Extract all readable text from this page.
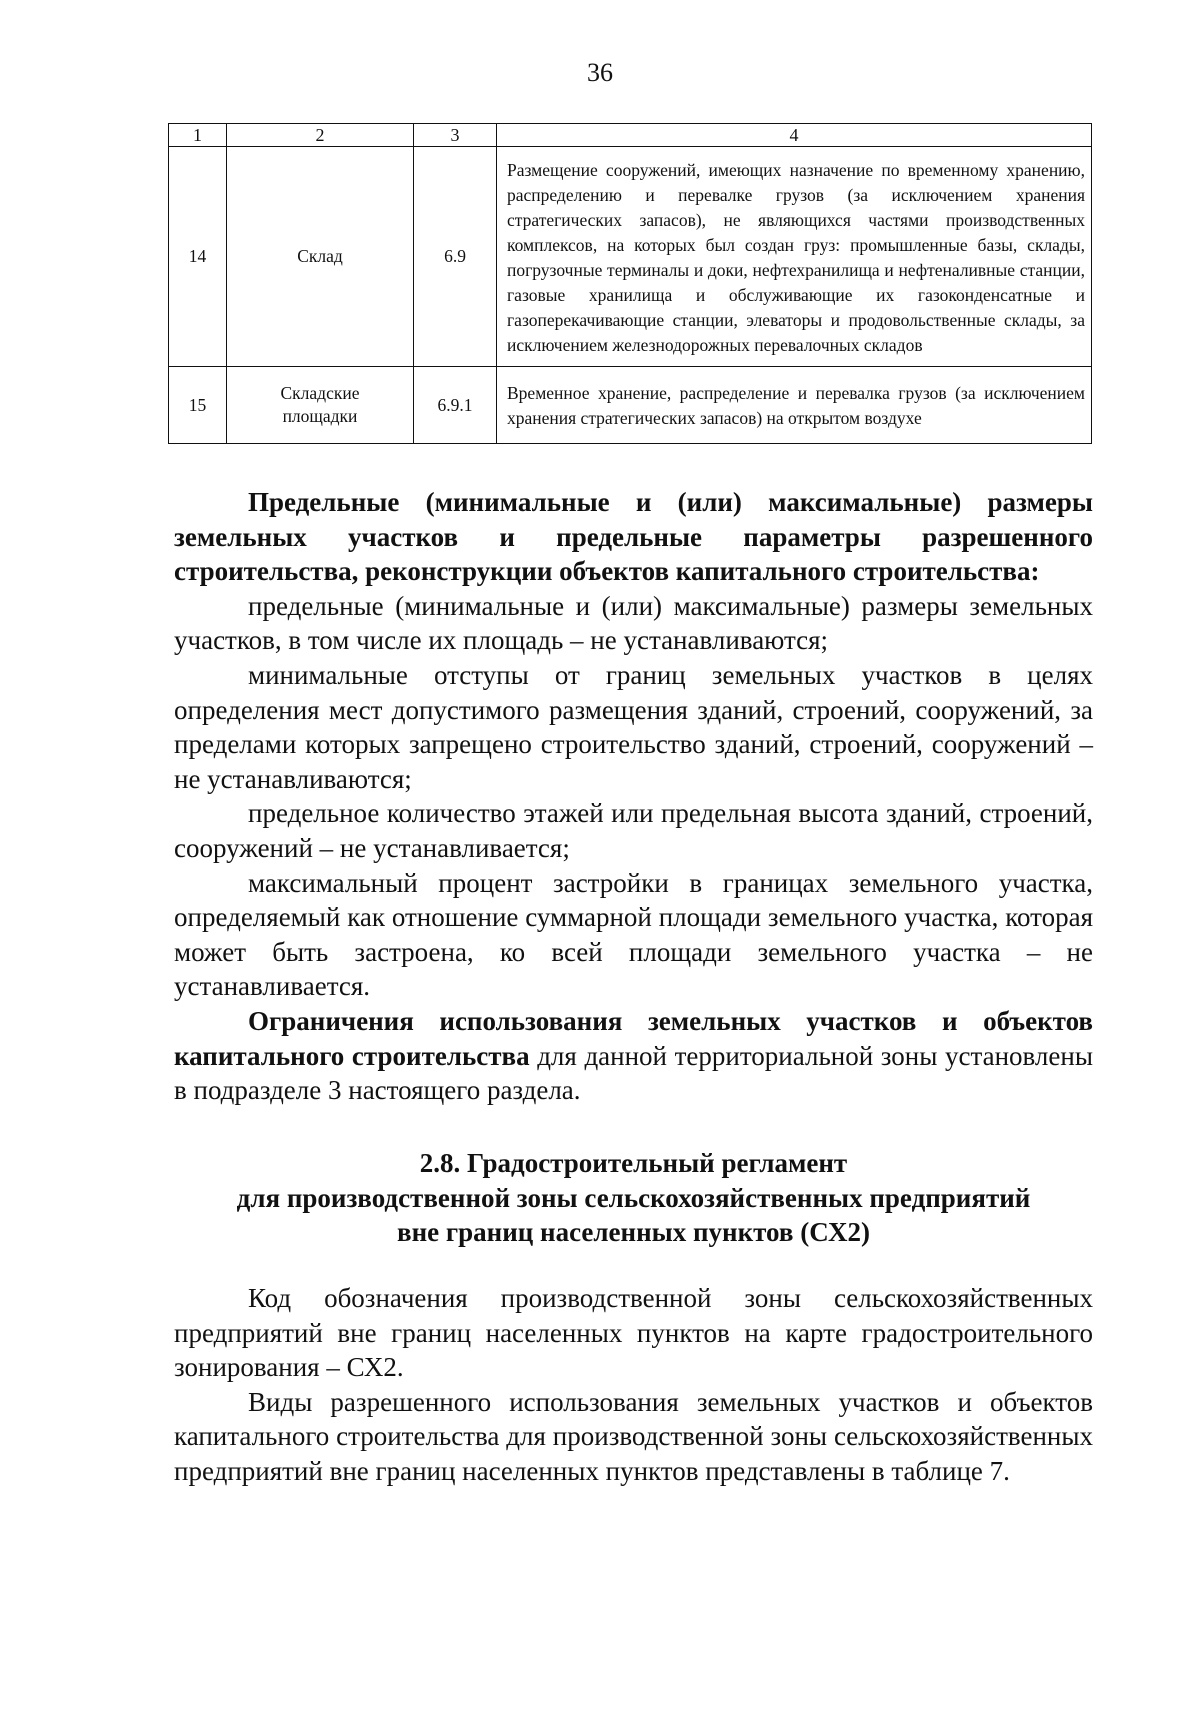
36
1	2	3	4
14	Склад	6.9	Размещение сооружений, имеющих назначение по временному хранению, распределению и перевалке грузов (за исключением хранения стратегических запасов), не являющихся частями производственных комплексов, на которых был создан груз: промышленные базы, склады, погрузочные терминалы и доки, нефтехранилища и нефтеналивные станции, газовые хранилища и обслуживающие их газоконденсатные и газоперекачивающие станции, элеваторы и продовольственные склады, за исключением железнодорожных перевалочных складов
15	Складские площадки	6.9.1	Временное хранение, распределение и перевалка грузов (за исключением хранения стратегических запасов) на открытом воздухе

Предельные (минимальные и (или) максимальные) размеры земельных участков и предельные параметры разрешенного строительства, реконструкции объектов капитального строительства:

предельные (минимальные и (или) максимальные) размеры земельных участков, в том числе их площадь – не устанавливаются;

минимальные отступы от границ земельных участков в целях определения мест допустимого размещения зданий, строений, сооружений, за пределами которых запрещено строительство зданий, строений, сооружений – не устанавливаются;

предельное количество этажей или предельная высота зданий, строений, сооружений – не устанавливается;

максимальный процент застройки в границах земельного участка, определяемый как отношение суммарной площади земельного участка, которая может быть застроена, ко всей площади земельного участка – не устанавливается.

Ограничения использования земельных участков и объектов капитального строительства для данной территориальной зоны установлены в подразделе 3 настоящего раздела.

2.8. Градостроительный регламент

для производственной зоны сельскохозяйственных предприятий

вне границ населенных пунктов (СХ2)

Код обозначения производственной зоны сельскохозяйственных предприятий вне границ населенных пунктов на карте градостроительного зонирования – СХ2.

Виды разрешенного использования земельных участков и объектов капитального строительства для производственной зоны сельскохозяйственных предприятий вне границ населенных пунктов представлены в таблице 7.
